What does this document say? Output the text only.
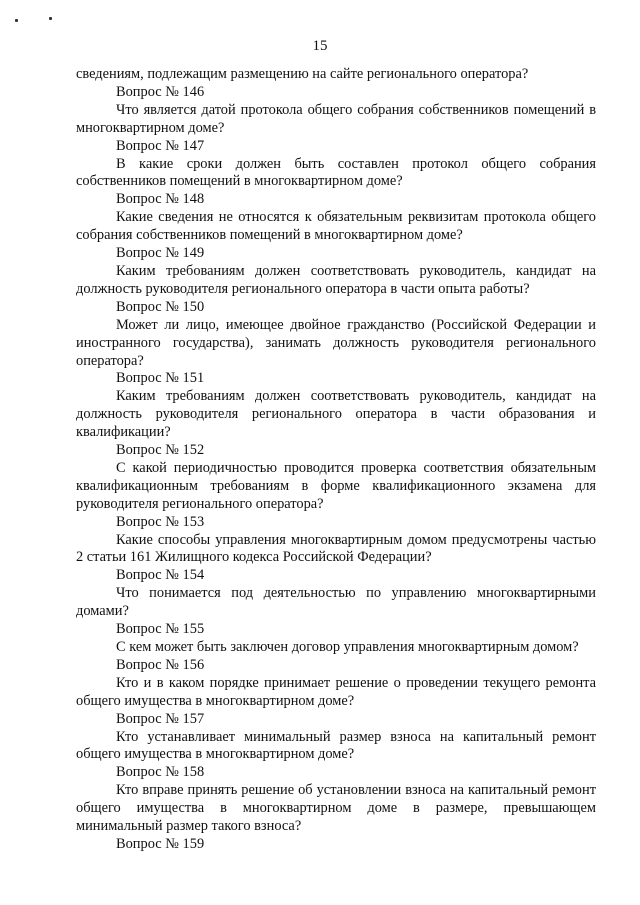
15

сведениям, подлежащим размещению на сайте регионального оператора?

Вопрос № 146

Что является датой протокола общего собрания собственников помещений в многоквартирном доме?

Вопрос № 147

В какие сроки должен быть составлен протокол общего собрания собственников помещений в многоквартирном доме?

Вопрос № 148

Какие сведения не относятся к обязательным реквизитам протокола общего собрания собственников помещений в многоквартирном доме?

Вопрос № 149

Каким требованиям должен соответствовать руководитель, кандидат на должность руководителя регионального оператора в части опыта работы?

Вопрос № 150

Может ли лицо, имеющее двойное гражданство (Российской Федерации и иностранного государства), занимать должность руководителя регионального оператора?

Вопрос № 151

Каким требованиям должен соответствовать руководитель, кандидат на должность руководителя регионального оператора в части образования и квалификации?

Вопрос № 152

С какой периодичностью проводится проверка соответствия обязательным квалификационным требованиям в форме квалификационного экзамена для руководителя регионального оператора?

Вопрос № 153

Какие способы управления многоквартирным домом предусмотрены частью 2 статьи 161 Жилищного кодекса Российской Федерации?

Вопрос № 154

Что понимается под деятельностью по управлению многоквартирными домами?

Вопрос № 155

С кем может быть заключен договор управления многоквартирным домом?

Вопрос № 156

Кто и в каком порядке принимает решение о проведении текущего ремонта общего имущества в многоквартирном доме?

Вопрос № 157

Кто устанавливает минимальный размер взноса на капитальный ремонт общего имущества в многоквартирном доме?

Вопрос № 158

Кто вправе принять решение об установлении взноса на капитальный ремонт общего имущества в многоквартирном доме в размере, превышающем минимальный размер такого взноса?

Вопрос № 159
